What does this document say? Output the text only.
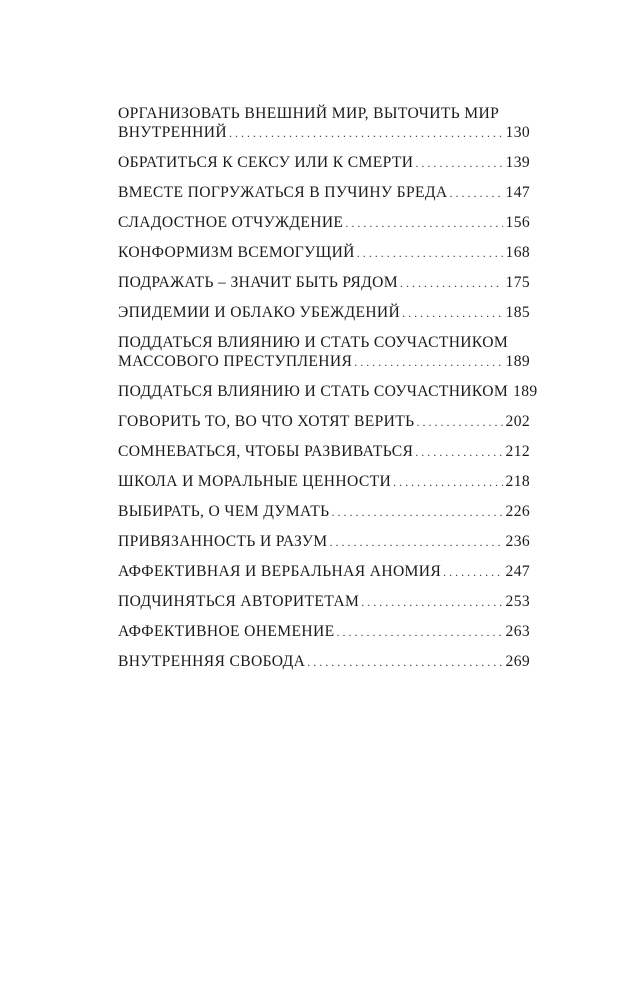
ОРГАНИЗОВАТЬ ВНЕШНИЙ МИР, ВЫТОЧИТЬ МИР
ВНУТРЕННИЙ . . .	130
ОБРАТИТЬСЯ К СЕКСУ ИЛИ К СМЕРТИ . . .	139
ВМЕСТЕ ПОГРУЖАТЬСЯ В ПУЧИНУ БРЕДА . . .	147
СЛАДОСТНОЕ ОТЧУЖДЕНИЕ . . .	156
КОНФОРМИЗМ ВСЕМОГУЩИЙ . . .	168
ПОДРАЖАТЬ – ЗНАЧИТ БЫТЬ РЯДОМ . . .	175
ЭПИДЕМИИ И ОБЛАКО УБЕЖДЕНИЙ . . .	185
ПОДДАТЬСЯ ВЛИЯНИЮ И СТАТЬ СОУЧАСТНИКОМ
МАССОВОГО ПРЕСТУПЛЕНИЯ . . .	189
ПОДДАТЬСЯ ВЛИЯНИЮ И СТАТЬ СОУЧАСТНИКОМ 189
ГОВОРИТЬ ТО, ВО ЧТО ХОТЯТ ВЕРИТЬ . . .	202
СОМНЕВАТЬСЯ, ЧТОБЫ РАЗВИВАТЬСЯ . . .	212
ШКОЛА И МОРАЛЬНЫЕ ЦЕННОСТИ . . .	218
ВЫБИРАТЬ, О ЧЕМ ДУМАТЬ . . .	226
ПРИВЯЗАННОСТЬ И РАЗУМ . . .	236
АФФЕКТИВНАЯ И ВЕРБАЛЬНАЯ АНОМИЯ . . .	247
ПОДЧИНЯТЬСЯ АВТОРИТЕТАМ . . .	253
АФФЕКТИВНОЕ ОНЕМЕНИЕ . . .	263
ВНУТРЕННЯЯ СВОБОДА . . .	269
